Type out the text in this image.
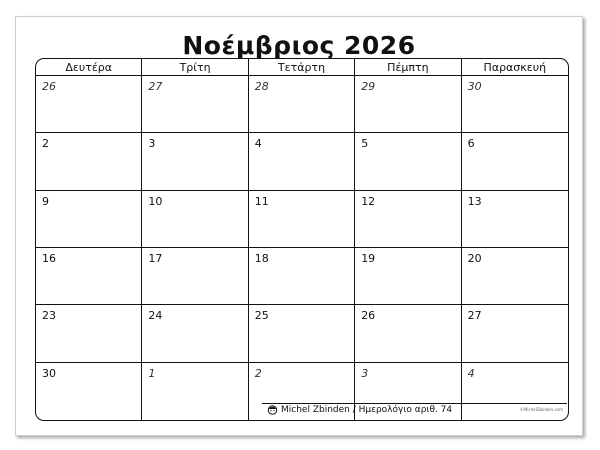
Νοέμβριος 2026
Δευτέρα	Τρίτη	Τετάρτη	Πέμπτη	Παρασκευή
26	27	28	29	30
2	3	4	5	6
9	10	11	12	13
16	17	18	19	20
23	24	25	26	27
30	1	2	3	4
Michel Zbinden / Ημερολόγιο αριθ. 74	©MichelZbinden.com
